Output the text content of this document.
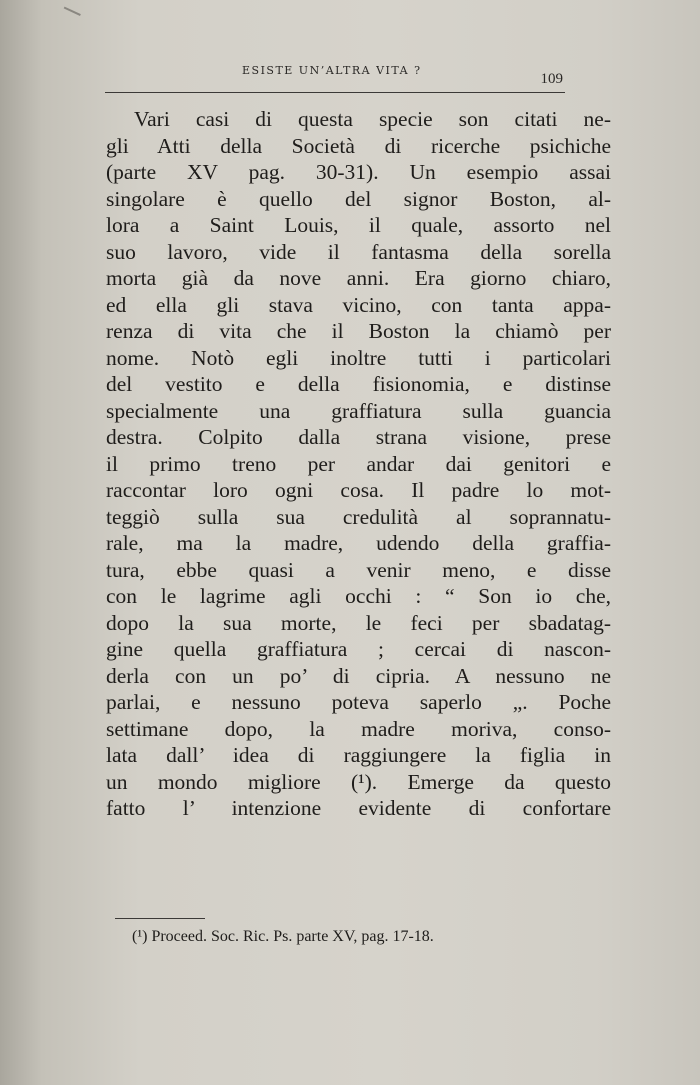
ESISTE UN’ALTRA VITA ?
109
Vari casi di questa specie son citati ne-
gli Atti della Società di ricerche psichiche
(parte XV pag. 30-31). Un esempio assai
singolare è quello del signor Boston, al-
lora a Saint Louis, il quale, assorto nel
suo lavoro, vide il fantasma della sorella
morta già da nove anni. Era giorno chiaro,
ed ella gli stava vicino, con tanta appa-
renza di vita che il Boston la chiamò per
nome. Notò egli inoltre tutti i particolari
del vestito e della fisionomia, e distinse
specialmente una graffiatura sulla guancia
destra. Colpito dalla strana visione, prese
il primo treno per andar dai genitori e
raccontar loro ogni cosa. Il padre lo mot-
teggiò sulla sua credulità al soprannatu-
rale, ma la madre, udendo della graffia-
tura, ebbe quasi a venir meno, e disse
con le lagrime agli occhi : “ Son io che,
dopo la sua morte, le feci per sbadatag-
gine quella graffiatura ; cercai di nascon-
derla con un po’ di cipria. A nessuno ne
parlai, e nessuno poteva saperlo „. Poche
settimane dopo, la madre moriva, conso-
lata dall’ idea di raggiungere la figlia in
un mondo migliore (¹). Emerge da questo
fatto l’ intenzione evidente di confortare
(¹) Proceed. Soc. Ric. Ps. parte XV, pag. 17-18.
